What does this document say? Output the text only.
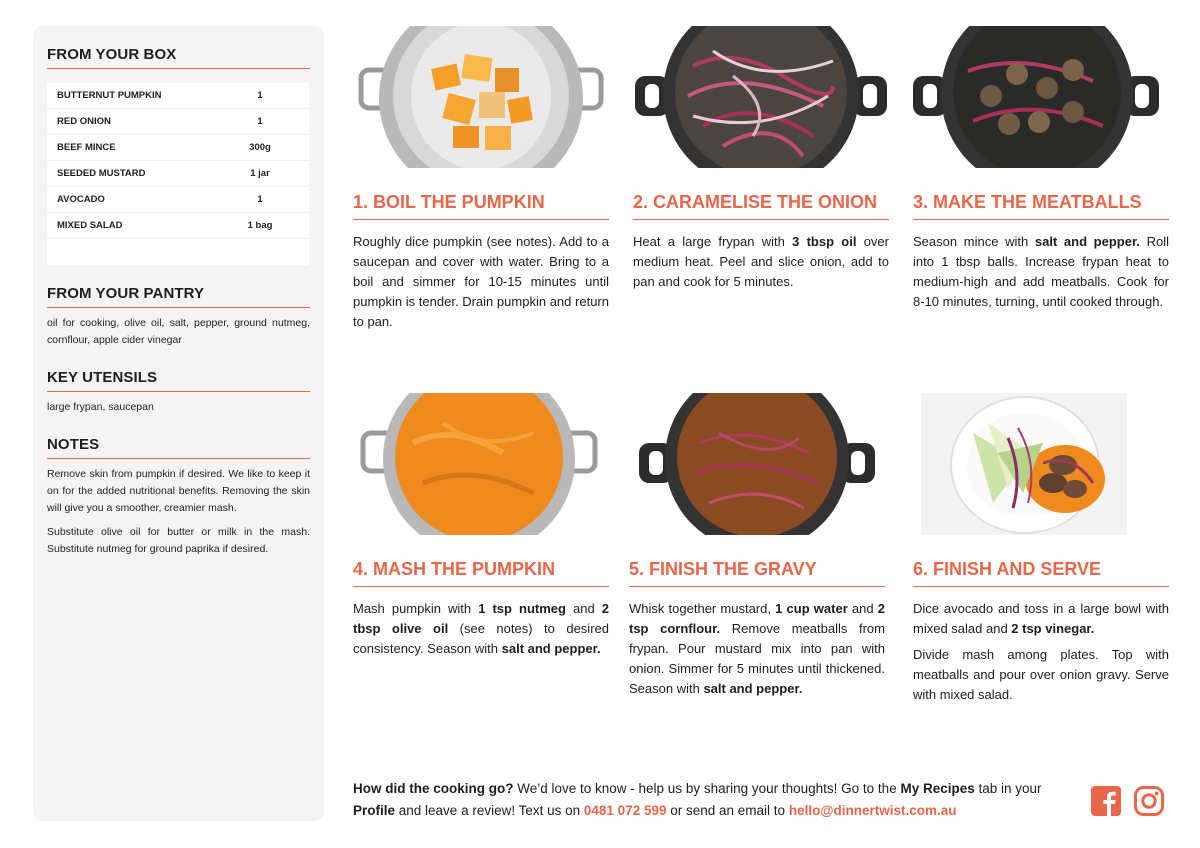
FROM YOUR BOX
BUTTERNUT PUMPKIN	1
RED ONION	1
BEEF MINCE	300g
SEEDED MUSTARD	1 jar
AVOCADO	1
MIXED SALAD	1 bag
FROM YOUR PANTRY
oil for cooking, olive oil, salt, pepper, ground nutmeg, cornflour, apple cider vinegar
KEY UTENSILS
large frypan, saucepan
NOTES
Remove skin from pumpkin if desired. We like to keep it on for the added nutritional benefits. Removing the skin will give you a smoother, creamier mash.
Substitute olive oil for butter or milk in the mash. Substitute nutmeg for ground paprika if desired.
1. BOIL THE PUMPKIN
Roughly dice pumpkin (see notes). Add to a saucepan and cover with water. Bring to a boil and simmer for 10-15 minutes until pumpkin is tender. Drain pumpkin and return to pan.
2. CARAMELISE THE ONION
Heat a large frypan with 3 tbsp oil over medium heat. Peel and slice onion, add to pan and cook for 5 minutes.
3. MAKE THE MEATBALLS
Season mince with salt and pepper. Roll into 1 tbsp balls. Increase frypan heat to medium-high and add meatballs. Cook for 8-10 minutes, turning, until cooked through.
4. MASH THE PUMPKIN
Mash pumpkin with 1 tsp nutmeg and 2 tbsp olive oil (see notes) to desired consistency. Season with salt and pepper.
5. FINISH THE GRAVY
Whisk together mustard, 1 cup water and 2 tsp cornflour. Remove meatballs from frypan. Pour mustard mix into pan with onion. Simmer for 5 minutes until thickened. Season with salt and pepper.
6. FINISH AND SERVE
Dice avocado and toss in a large bowl with mixed salad and 2 tsp vinegar.
Divide mash among plates. Top with meatballs and pour over onion gravy. Serve with mixed salad.
How did the cooking go? We’d love to know - help us by sharing your thoughts! Go to the My Recipes tab in your Profile and leave a review! Text us on 0481 072 599 or send an email to hello@dinnertwist.com.au
